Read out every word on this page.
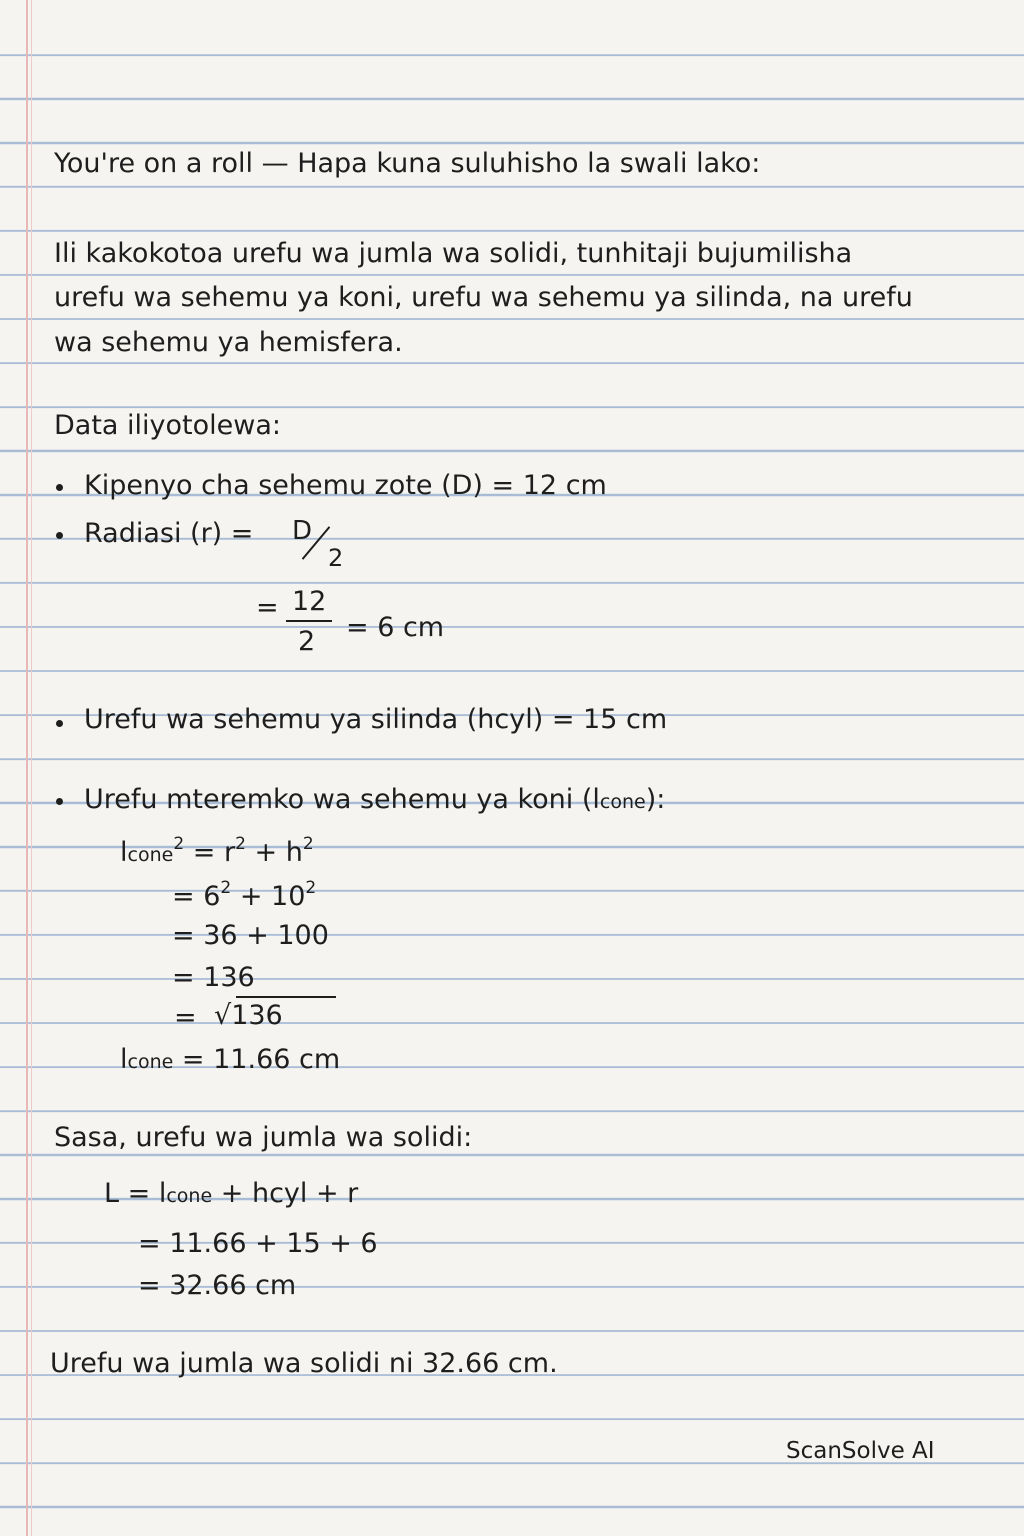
You're on a roll — Hapa kuna suluhisho la swali lako:
Ili kakokotoa urefu wa jumla wa solidi, tunhitaji bujumilisha
urefu wa sehemu ya koni, urefu wa sehemu ya silinda, na urefu
wa sehemu ya hemisfera.
Data iliyotolewa:
Kipenyo cha sehemu zote (D) = 12 cm
Radiasi (r) = D
2
= 12
2 = 6 cm
Urefu wa sehemu ya silinda (hcyl) = 15 cm
Urefu mteremko wa sehemu ya koni (lcone):
lcone$^2$ = $r^2 + h^2$
= $6^2 + 10^2$
= 36 + 100
= 136
= √136
lcone = 11.66 cm
Sasa, urefu wa jumla wa solidi:
L = lcone + hcyl + r
= 11.66 + 15 + 6
= 32.66 cm
Urefu wa jumla wa solidi ni 32.66 cm.
ScanSolve AI
